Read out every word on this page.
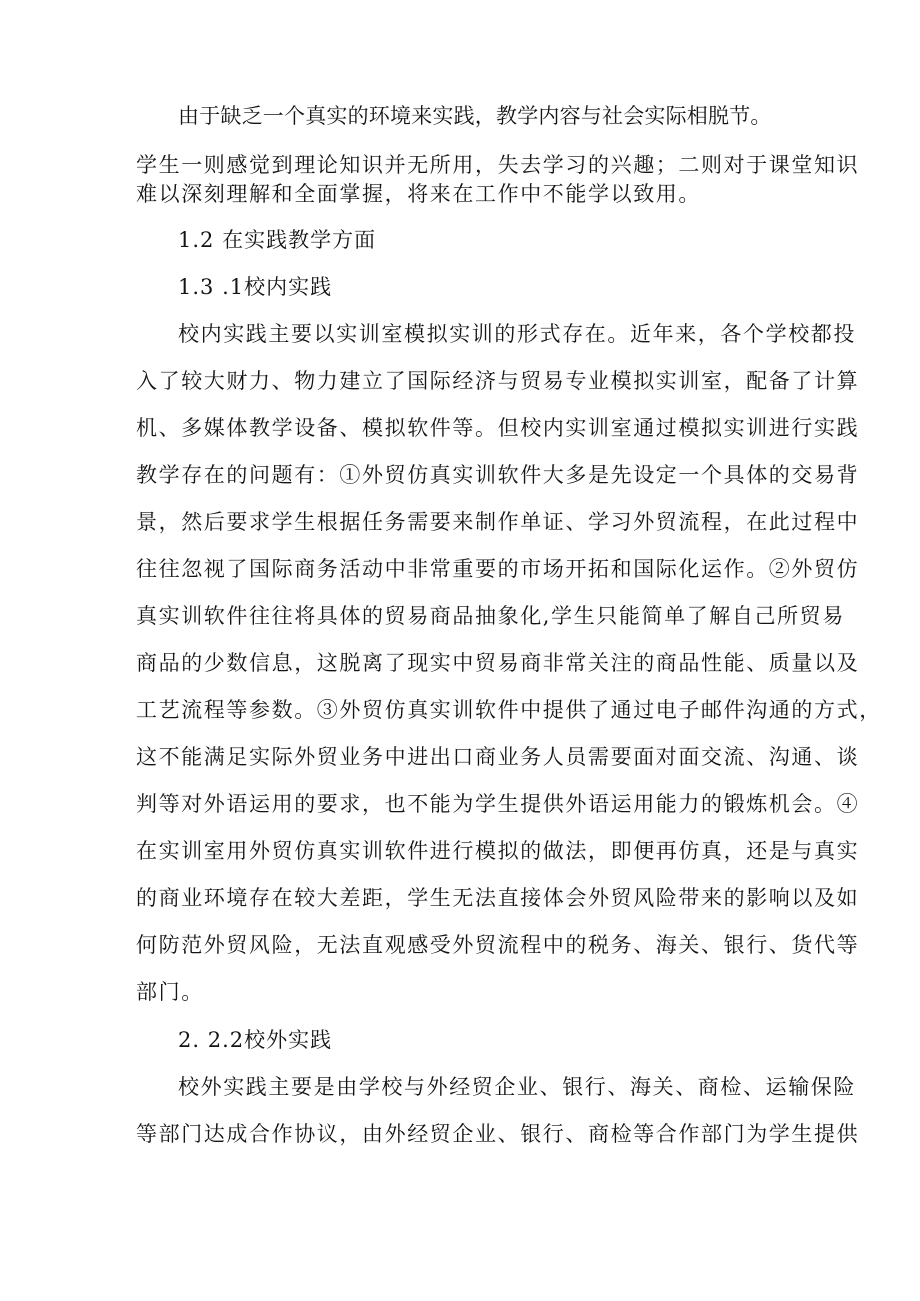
由于缺乏一个真实的环境来实践，教学内容与社会实际相脱节。

学生一则感觉到理论知识并无所用，失去学习的兴趣；二则对于课堂知识

难以深刻理解和全面掌握，将来在工作中不能学以致用。

1.2 在实践教学方面

1.3 .1校内实践

校内实践主要以实训室模拟实训的形式存在。近年来，各个学校都投

入了较大财力、物力建立了国际经济与贸易专业模拟实训室，配备了计算

机、多媒体教学设备、模拟软件等。但校内实训室通过模拟实训进行实践

教学存在的问题有：①外贸仿真实训软件大多是先设定一个具体的交易背

景，然后要求学生根据任务需要来制作单证、学习外贸流程，在此过程中

往往忽视了国际商务活动中非常重要的市场开拓和国际化运作。②外贸仿

真实训软件往往将具体的贸易商品抽象化,学生只能简单了解自己所贸易

商品的少数信息，这脱离了现实中贸易商非常关注的商品性能、质量以及

工艺流程等参数。③外贸仿真实训软件中提供了通过电子邮件沟通的方式，

这不能满足实际外贸业务中进出口商业务人员需要面对面交流、沟通、谈

判等对外语运用的要求，也不能为学生提供外语运用能力的锻炼机会。④

在实训室用外贸仿真实训软件进行模拟的做法，即便再仿真，还是与真实

的商业环境存在较大差距，学生无法直接体会外贸风险带来的影响以及如

何防范外贸风险，无法直观感受外贸流程中的税务、海关、银行、货代等

部门。

2. 2.2校外实践

校外实践主要是由学校与外经贸企业、银行、海关、商检、运输保险

等部门达成合作协议，由外经贸企业、银行、商检等合作部门为学生提供
